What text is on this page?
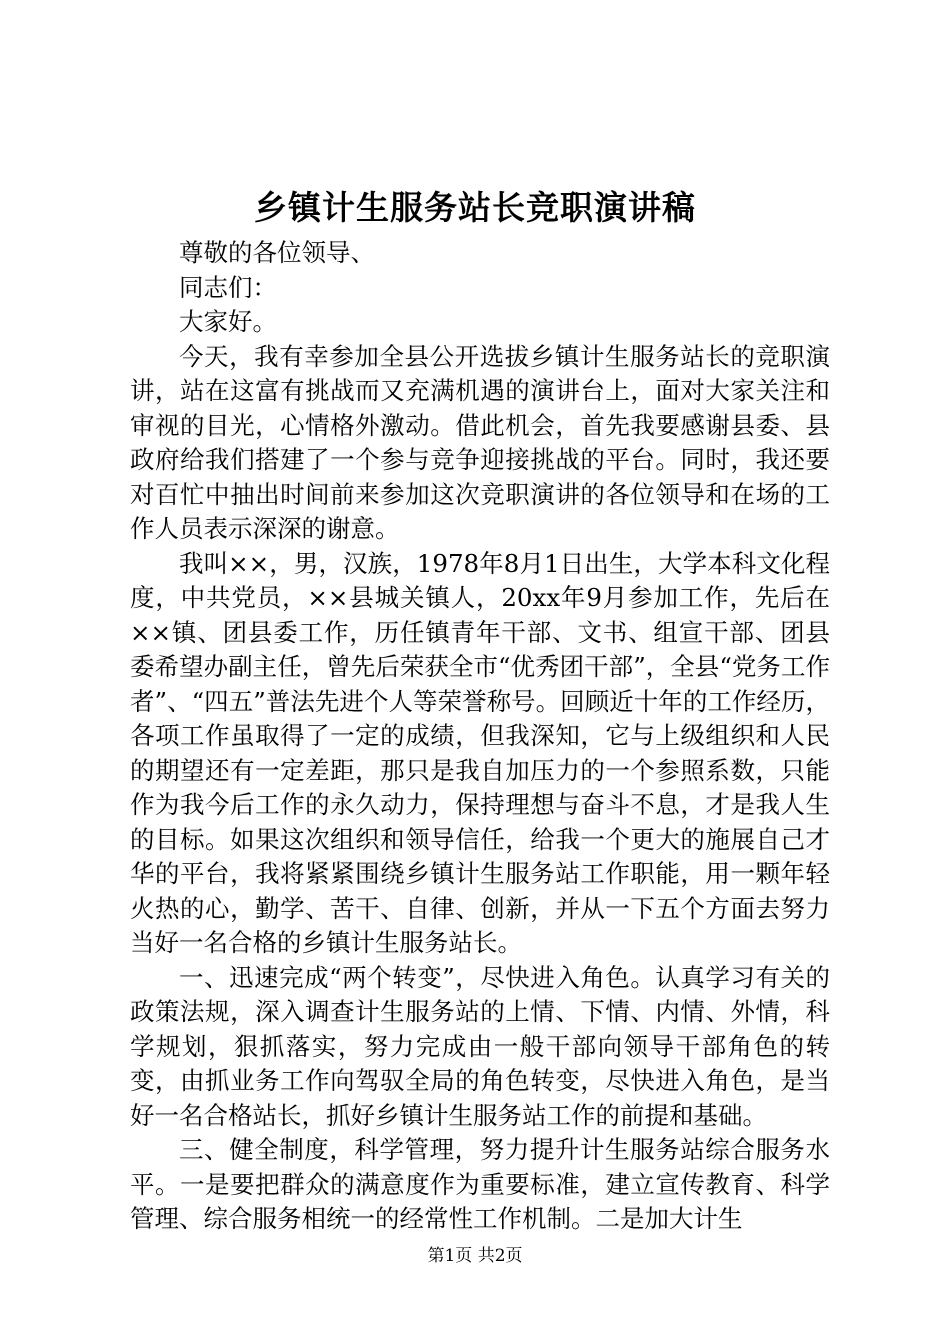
乡镇计生服务站长竞职演讲稿

尊敬的各位领导、

同志们：

大家好。

今天，我有幸参加全县公开选拔乡镇计生服务站长的竞职演讲，站在这富有挑战而又充满机遇的演讲台上，面对大家关注和审视的目光，心情格外激动。借此机会，首先我要感谢县委、县政府给我们搭建了一个参与竞争迎接挑战的平台。同时，我还要对百忙中抽出时间前来参加这次竞职演讲的各位领导和在场的工作人员表示深深的谢意。

我叫××，男，汉族，1978年8月1日出生，大学本科文化程度，中共党员，××县城关镇人，20xx年9月参加工作，先后在××镇、团县委工作，历任镇青年干部、文书、组宣干部、团县委希望办副主任，曾先后荣获全市“优秀团干部”，全县“党务工作者”、“四五”普法先进个人等荣誉称号。回顾近十年的工作经历，各项工作虽取得了一定的成绩，但我深知，它与上级组织和人民的期望还有一定差距，那只是我自加压力的一个参照系数，只能作为我今后工作的永久动力，保持理想与奋斗不息，才是我人生的目标。如果这次组织和领导信任，给我一个更大的施展自己才华的平台，我将紧紧围绕乡镇计生服务站工作职能，用一颗年轻火热的心，勤学、苦干、自律、创新，并从一下五个方面去努力当好一名合格的乡镇计生服务站长。

一、迅速完成“两个转变”，尽快进入角色。认真学习有关的政策法规，深入调查计生服务站的上情、下情、内情、外情，科学规划，狠抓落实，努力完成由一般干部向领导干部角色的转变，由抓业务工作向驾驭全局的角色转变，尽快进入角色，是当好一名合格站长，抓好乡镇计生服务站工作的前提和基础。

三、健全制度，科学管理，努力提升计生服务站综合服务水平。一是要把群众的满意度作为重要标准，建立宣传教育、科学管理、综合服务相统一的经常性工作机制。二是加大计生

第1页 共2页
